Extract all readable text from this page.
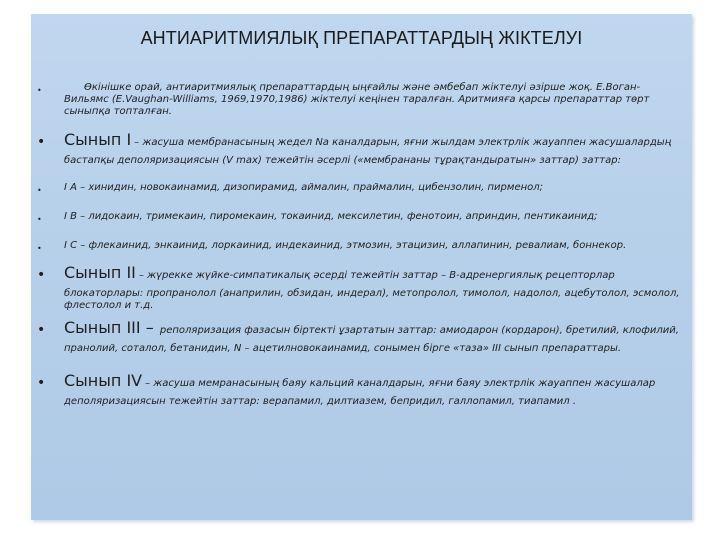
АНТИАРИТМИЯЛЫҚ ПРЕПАРАТТАРДЫҢ ЖІКТЕЛУІ
•	Өкінішке орай, антиаритмиялық препараттардың ыңғайлы және әмбебап жіктелуі әзірше жоқ. Е.Воган-Вильямс (E.Vaughan-Williams, 1969,1970,1986) жіктелуі кеңінен таралған. Аритмияға қарсы препараттар төрт сыныпқа топталған.
• Сынып I – жасуша мембранасының жедел Na каналдарын, яғни жылдам электрлік жауаппен жасушалардың
бастапқы деполяризациясын (V max) тежейтін әсерлі («мембрананы тұрақтандыратын» заттар) заттар:
• I A – хинидин, новокаинамид, дизопирамид, аймалин, праймалин, цибензолин, пирменол;
• I B – лидокаин, тримекаин, пиромекаин, токаинид, мексилетин, фенотоин, априндин, пентикаинид;
• I C – флекаинид, энкаинид, лоркаинид, индекаинид, этмозин, этацизин, аллапинин, ревалиам, боннекор.
• Сынып II – жүрекке жүйке-симпатикалық әсерді тежейтін заттар – В-адренергиялық рецепторлар
блокаторлары: пропранолол (анаприлин, обзидан, индерал), метопролол, тимолол, надолол, ацебутолол, эсмолол, флестолол и т.д.
• Сынып III – реполяризация фазасын біртекті ұзартатын заттар: амиодарон (кордарон), бретилий, клофилий,
пранолий, соталол, бетанидин, N – ацетилновокаинамид, сонымен бірге «таза» III сынып препараттары.
• Сынып IV – жасуша мемранасының баяу кальций каналдарын, яғни баяу электрлік жауаппен жасушалар
деполяризациясын тежейтін заттар: верапамил, дилтиазем, бепридил, галлопамил, тиапамил .
